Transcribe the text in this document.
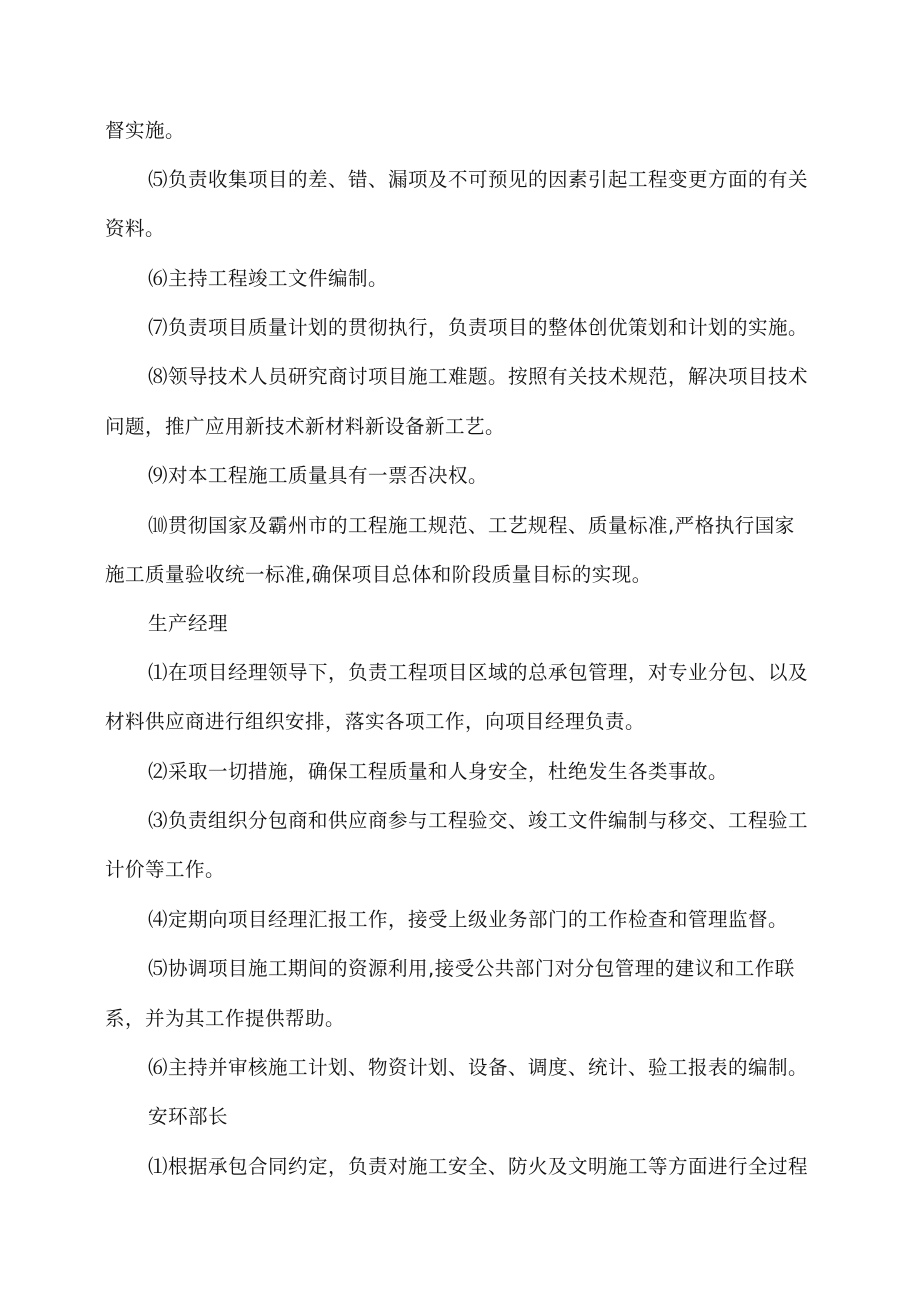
督实施。
⑸负责收集项目的差、错、漏项及不可预见的因素引起工程变更方面的有关
资料。
⑹主持工程竣工文件编制。
⑺负责项目质量计划的贯彻执行，负责项目的整体创优策划和计划的实施。
⑻领导技术人员研究商讨项目施工难题。按照有关技术规范，解决项目技术
问题，推广应用新技术新材料新设备新工艺。
⑼对本工程施工质量具有一票否决权。
⑽贯彻国家及霸州市的工程施工规范、工艺规程、质量标准,严格执行国家
施工质量验收统一标准,确保项目总体和阶段质量目标的实现。
生产经理
⑴在项目经理领导下，负责工程项目区域的总承包管理，对专业分包、以及
材料供应商进行组织安排，落实各项工作，向项目经理负责。
⑵采取一切措施，确保工程质量和人身安全，杜绝发生各类事故。
⑶负责组织分包商和供应商参与工程验交、竣工文件编制与移交、工程验工
计价等工作。
⑷定期向项目经理汇报工作，接受上级业务部门的工作检查和管理监督。
⑸协调项目施工期间的资源利用,接受公共部门对分包管理的建议和工作联
系，并为其工作提供帮助。
⑹主持并审核施工计划、物资计划、设备、调度、统计、验工报表的编制。
安环部长
⑴根据承包合同约定，负责对施工安全、防火及文明施工等方面进行全过程
